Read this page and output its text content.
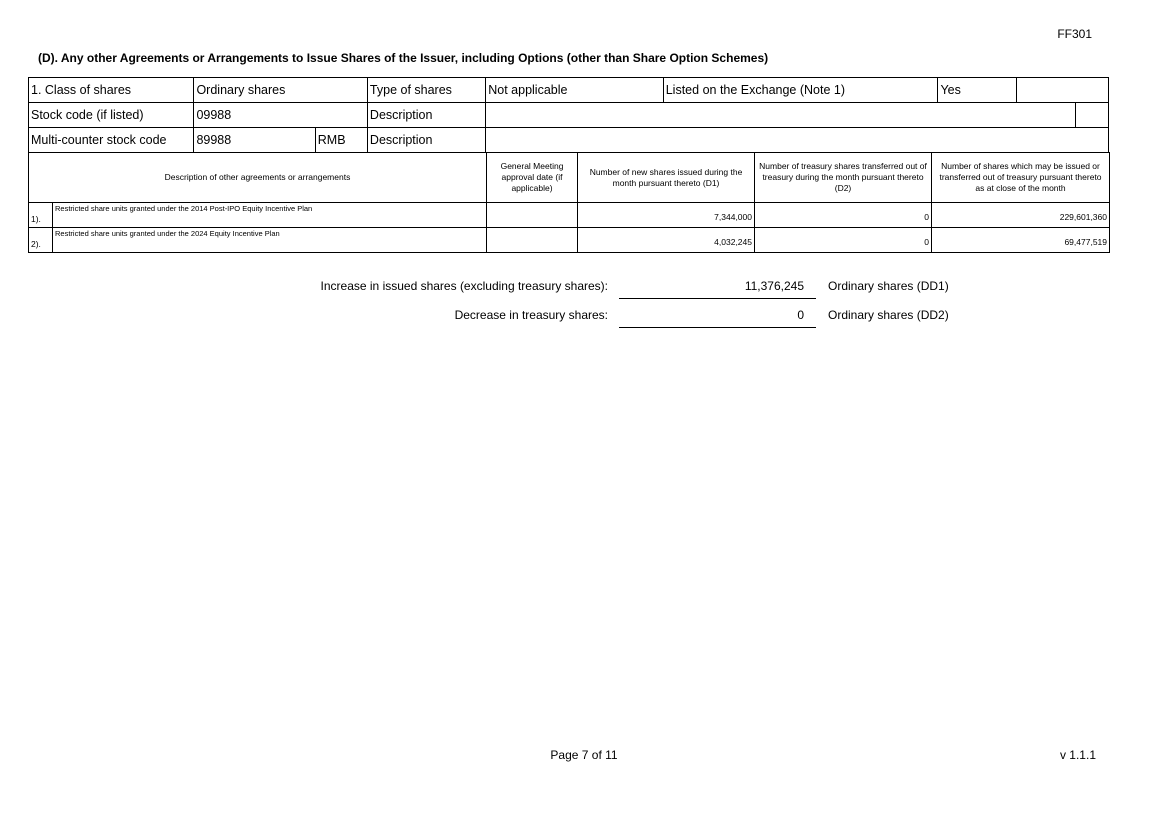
FF301
(D). Any other Agreements or Arrangements to Issue Shares of the Issuer, including Options (other than Share Option Schemes)
1. Class of shares	Ordinary shares		Type of shares	Not applicable	Listed on the Exchange (Note 1)	Yes		
Stock code (if listed)	09988		Description					
Multi-counter stock code	89988	RMB	Description					
Description of other agreements or arrangements		General Meeting approval date (if applicable)	Number of new shares issued during the month pursuant thereto (D1)	Number of treasury shares transferred out of treasury during the month pursuant thereto (D2)	Number of shares which may be issued or transferred out of treasury pursuant thereto as at close of the month
1).	Restricted share units granted under the 2014 Post-IPO Equity Incentive Plan		7,344,000	0	229,601,360
2).	Restricted share units granted under the 2024 Equity Incentive Plan		4,032,245	0	69,477,519
Increase in issued shares (excluding treasury shares):	11,376,245 Ordinary shares (DD1)
Decrease in treasury shares:	0 Ordinary shares (DD2)
Page 7 of 11	v 1.1.1
